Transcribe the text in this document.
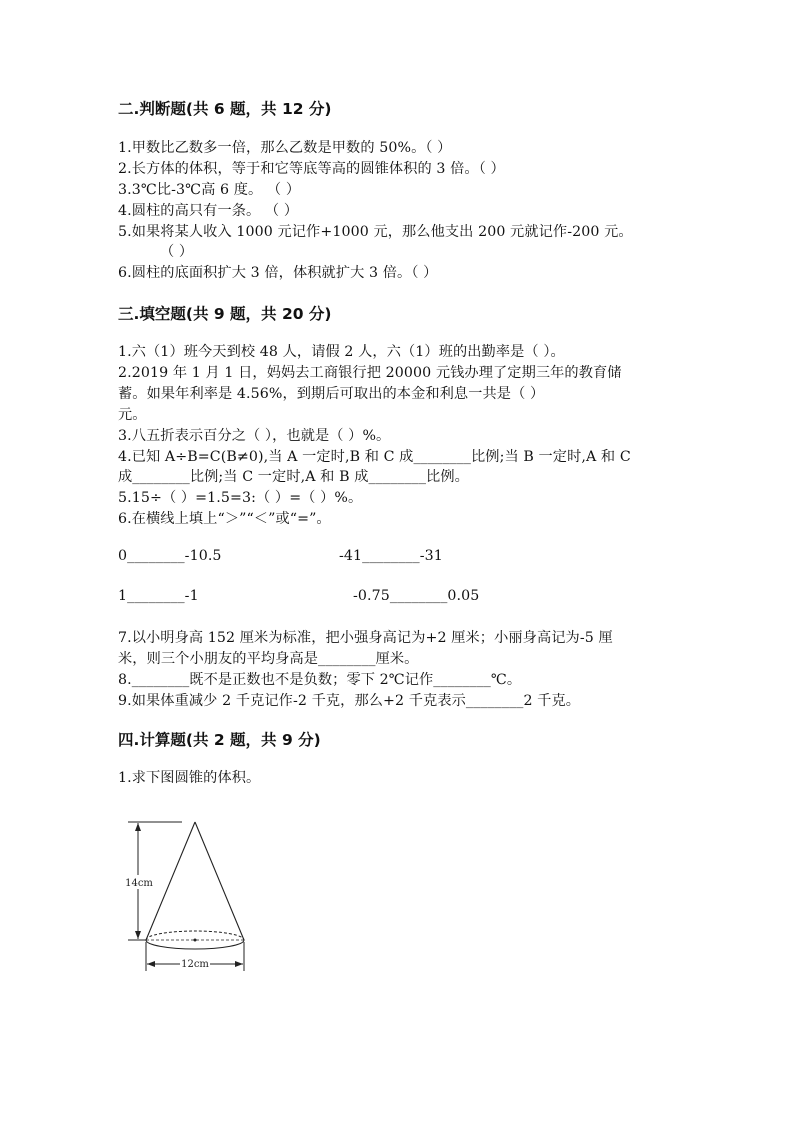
二.判断题(共 6 题，共 12 分)
1.甲数比乙数多一倍，那么乙数是甲数的 50%。（ ）
2.长方体的体积，等于和它等底等高的圆锥体积的 3 倍。（ ）
3.3℃比-3℃高 6 度。 （ ）
4.圆柱的高只有一条。 （ ）
5.如果将某人收入 1000 元记作+1000 元，那么他支出 200 元就记作-200 元。
（ ）
6.圆柱的底面积扩大 3 倍，体积就扩大 3 倍。（ ）
三.填空题(共 9 题，共 20 分)
1.六（1）班今天到校 48 人，请假 2 人，六（1）班的出勤率是（ ）。
2.2019 年 1 月 1 日，妈妈去工商银行把 20000 元钱办理了定期三年的教育储
蓄。如果年利率是 4.56%，到期后可取出的本金和利息一共是（ ）
元。
3.八五折表示百分之（ ），也就是（ ）%。
4.已知 A÷B=C(B≠0),当 A 一定时,B 和 C 成________比例;当 B 一定时,A 和 C
成________比例;当 C 一定时,A 和 B 成________比例。
5.15÷（ ）=1.5=3:（ ）=（ ）%。
6.在横线上填上“＞”“＜”或“=”。
0________-10.5	-41________-31
1________-1	-0.75________0.05
7.以小明身高 152 厘米为标准，把小强身高记为+2 厘米；小丽身高记为-5 厘
米，则三个小朋友的平均身高是________厘米。
8.________既不是正数也不是负数；零下 2℃记作________℃。
9.如果体重减少 2 千克记作-2 千克，那么+2 千克表示________2 千克。
四.计算题(共 2 题，共 9 分)
1.求下图圆锥的体积。
14cm
12cm
